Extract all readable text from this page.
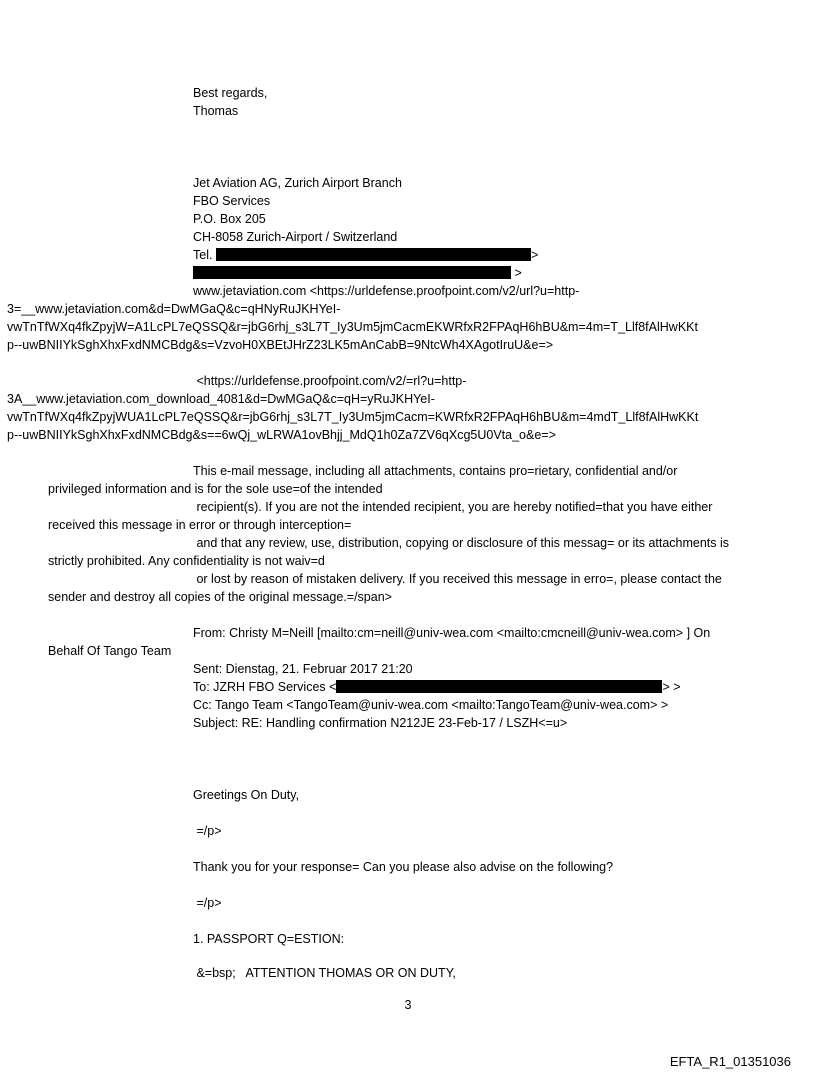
Best regards,
Thomas
Jet Aviation AG, Zurich Airport Branch
FBO Services
P.O. Box 205
CH-8058 Zurich-Airport / Switzerland
Tel.	>
>
www.jetaviation.com <https://urldefense.proofpoint.com/v2/url?u=http-
3=__www.jetaviation.com&d=DwMGaQ&c=qHNyRuJKHYeI-
vwTnTfWXq4fkZpyjW=A1LcPL7eQSSQ&r=jbG6rhj_s3L7T_Iy3Um5jmCacmEKWRfxR2FPAqH6hBU&m=4m=T_Llf8fAlHwKKt
p--uwBNIIYkSghXhxFxdNMCBdg&s=VzvoH0XBEtJHrZ23LK5mAnCabB=9NtcWh4XAgotIruU&e=>
<https://urldefense.proofpoint.com/v2/=rl?u=http-
3A__www.jetaviation.com_download_4081&d=DwMGaQ&c=qH=yRuJKHYeI-
vwTnTfWXq4fkZpyjWUA1LcPL7eQSSQ&r=jbG6rhj_s3L7T_Iy3Um5jmCacm=KWRfxR2FPAqH6hBU&m=4mdT_Llf8fAlHwKKt
p--uwBNIIYkSghXhxFxdNMCBdg&s==6wQj_wLRWA1ovBhjj_MdQ1h0Za7ZV6qXcg5U0Vta_o&e=>
This e-mail message, including all attachments, contains pro=rietary, confidential and/or
privileged information and is for the sole use=of the intended
recipient(s). If you are not the intended recipient, you are hereby notified=that you have either
received this message in error or through interception=
and that any review, use, distribution, copying or disclosure of this messag= or its attachments is
strictly prohibited. Any confidentiality is not waiv=d
or lost by reason of mistaken delivery. If you received this message in erro=, please contact the
sender and destroy all copies of the original message.=/span>
From: Christy M=Neill [mailto:cm=neill@univ-wea.com <mailto:cmcneill@univ-wea.com> ] On
Behalf Of Tango Team
Sent: Dienstag, 21. Februar 2017 21:20
To: JZRH FBO Services <	> >
Cc: Tango Team <TangoTeam@univ-wea.com <mailto:TangoTeam@univ-wea.com> >
Subject: RE: Handling confirmation N212JE 23-Feb-17 / LSZH<=u>
Greetings On Duty,
=/p>
Thank you for your response= Can you please also advise on the following?
=/p>
1. PASSPORT Q=ESTION:
&=bsp;   ATTENTION THOMAS OR ON DUTY,
3
EFTA_R1_01351036
